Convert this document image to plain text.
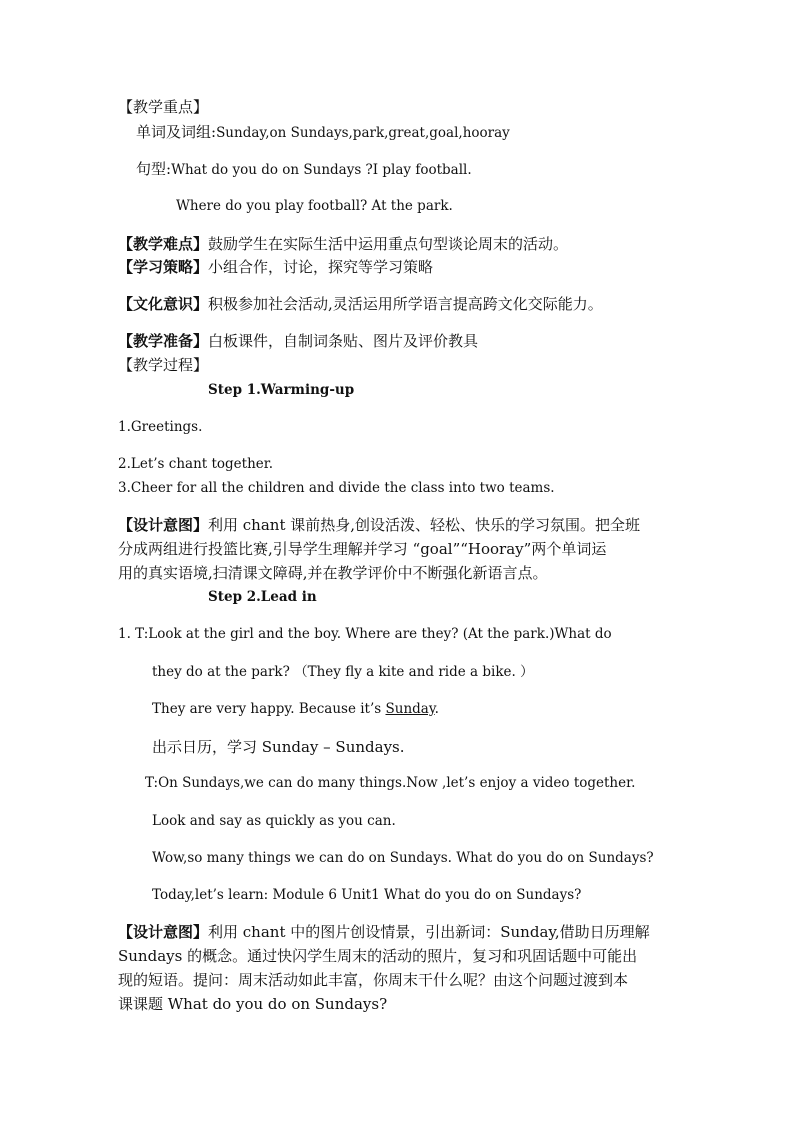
【教学重点】
单词及词组:Sunday,on Sundays,park,great,goal,hooray
句型:What do you do on Sundays ?I play football.
Where do you play football? At the park.
【教学难点】鼓励学生在实际生活中运用重点句型谈论周末的活动。
【学习策略】小组合作，讨论，探究等学习策略
【文化意识】积极参加社会活动,灵活运用所学语言提高跨文化交际能力。
【教学准备】白板课件，自制词条贴、图片及评价教具
【教学过程】
Step 1.Warming-up
1.Greetings.
2.Let’s chant together.
3.Cheer for all the children and divide the class into two teams.
【设计意图】利用 chant 课前热身,创设活泼、轻松、快乐的学习氛围。把全班
分成两组进行投篮比赛,引导学生理解并学习 “goal”“Hooray”两个单词运
用的真实语境,扫清课文障碍,并在教学评价中不断强化新语言点。
Step 2.Lead in
1. T:Look at the girl and the boy. Where are they? (At the park.)What do
they do at the park? （They fly a kite and ride a bike. ）
They are very happy. Because it’s Sunday.
出示日历，学习 Sunday – Sundays.
T:On Sundays,we can do many things.Now ,let’s enjoy a video together.
Look and say as quickly as you can.
Wow,so many things we can do on Sundays. What do you do on Sundays?
Today,let’s learn: Module 6 Unit1 What do you do on Sundays?
【设计意图】利用 chant 中的图片创设情景，引出新词：Sunday,借助日历理解
Sundays 的概念。通过快闪学生周末的活动的照片，复习和巩固话题中可能出
现的短语。提问：周末活动如此丰富，你周末干什么呢？由这个问题过渡到本
课课题 What do you do on Sundays?
